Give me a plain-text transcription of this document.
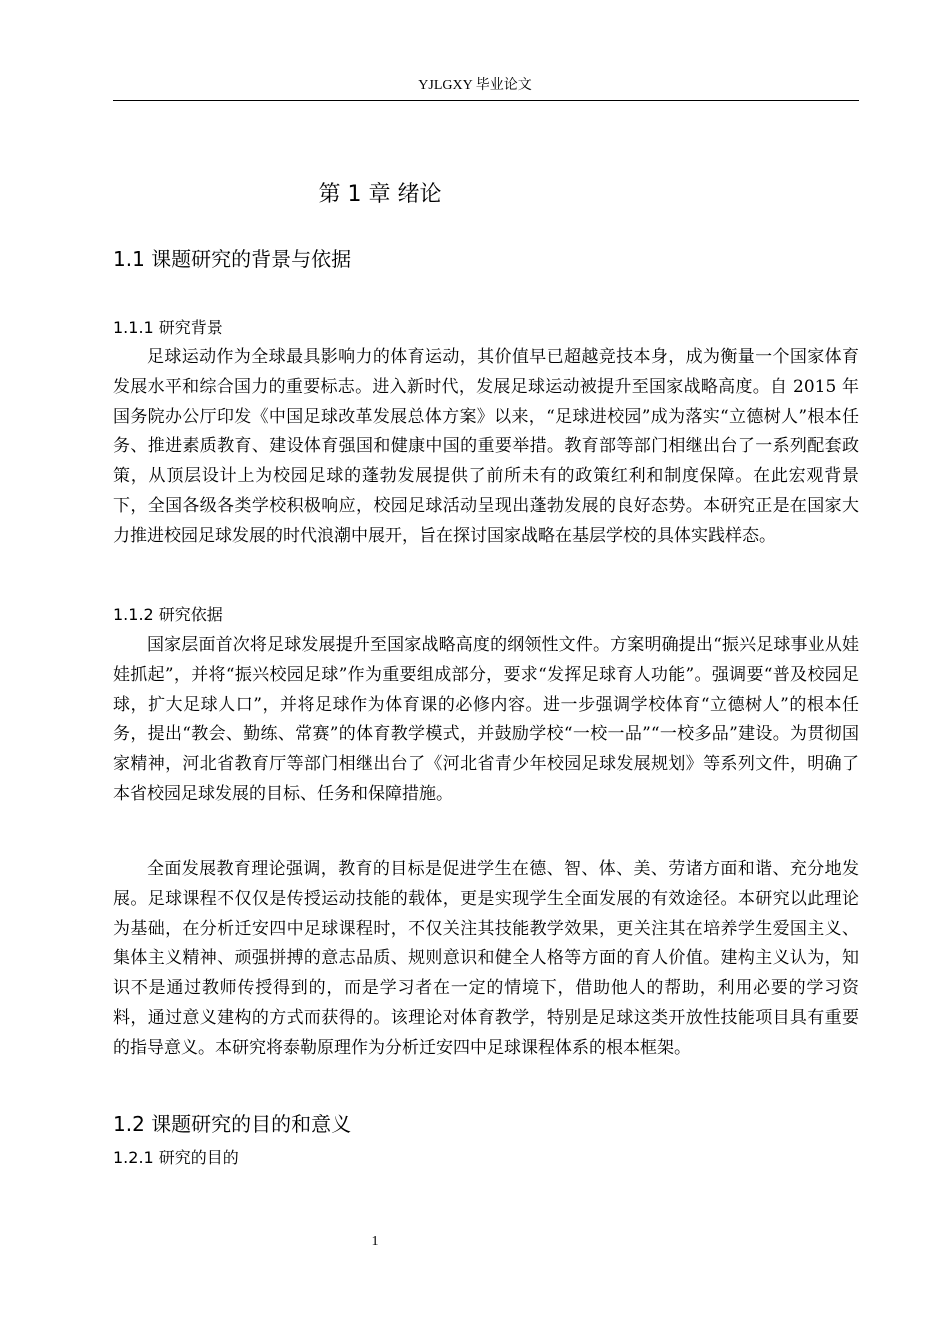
YJLGXY 毕业论文
第 1 章 绪论
1.1 课题研究的背景与依据
1.1.1 研究背景

足球运动作为全球最具影响力的体育运动，其价值早已超越竞技本身，成为衡量一个国家体育发展水平和综合国力的重要标志。进入新时代，发展足球运动被提升至国家战略高度。自 2015 年国务院办公厅印发《中国足球改革发展总体方案》以来，“足球进校园”成为落实“立德树人”根本任务、推进素质教育、建设体育强国和健康中国的重要举措。教育部等部门相继出台了一系列配套政策，从顶层设计上为校园足球的蓬勃发展提供了前所未有的政策红利和制度保障。在此宏观背景下，全国各级各类学校积极响应，校园足球活动呈现出蓬勃发展的良好态势。本研究正是在国家大力推进校园足球发展的时代浪潮中展开，旨在探讨国家战略在基层学校的具体实践样态。

1.1.2 研究依据

国家层面首次将足球发展提升至国家战略高度的纲领性文件。方案明确提出“振兴足球事业从娃娃抓起”，并将“振兴校园足球”作为重要组成部分，要求“发挥足球育人功能”。强调要“普及校园足球，扩大足球人口”，并将足球作为体育课的必修内容。进一步强调学校体育“立德树人”的根本任务，提出“教会、勤练、常赛”的体育教学模式，并鼓励学校“一校一品”“一校多品”建设。为贯彻国家精神，河北省教育厅等部门相继出台了《河北省青少年校园足球发展规划》等系列文件，明确了本省校园足球发展的目标、任务和保障措施。

全面发展教育理论强调，教育的目标是促进学生在德、智、体、美、劳诸方面和谐、充分地发展。足球课程不仅仅是传授运动技能的载体，更是实现学生全面发展的有效途径。本研究以此理论为基础，在分析迁安四中足球课程时，不仅关注其技能教学效果，更关注其在培养学生爱国主义、集体主义精神、顽强拼搏的意志品质、规则意识和健全人格等方面的育人价值。建构主义认为，知识不是通过教师传授得到的，而是学习者在一定的情境下，借助他人的帮助，利用必要的学习资料，通过意义建构的方式而获得的。该理论对体育教学，特别是足球这类开放性技能项目具有重要的指导意义。本研究将泰勒原理作为分析迁安四中足球课程体系的根本框架。

1.2 课题研究的目的和意义
1.2.1 研究的目的
1
